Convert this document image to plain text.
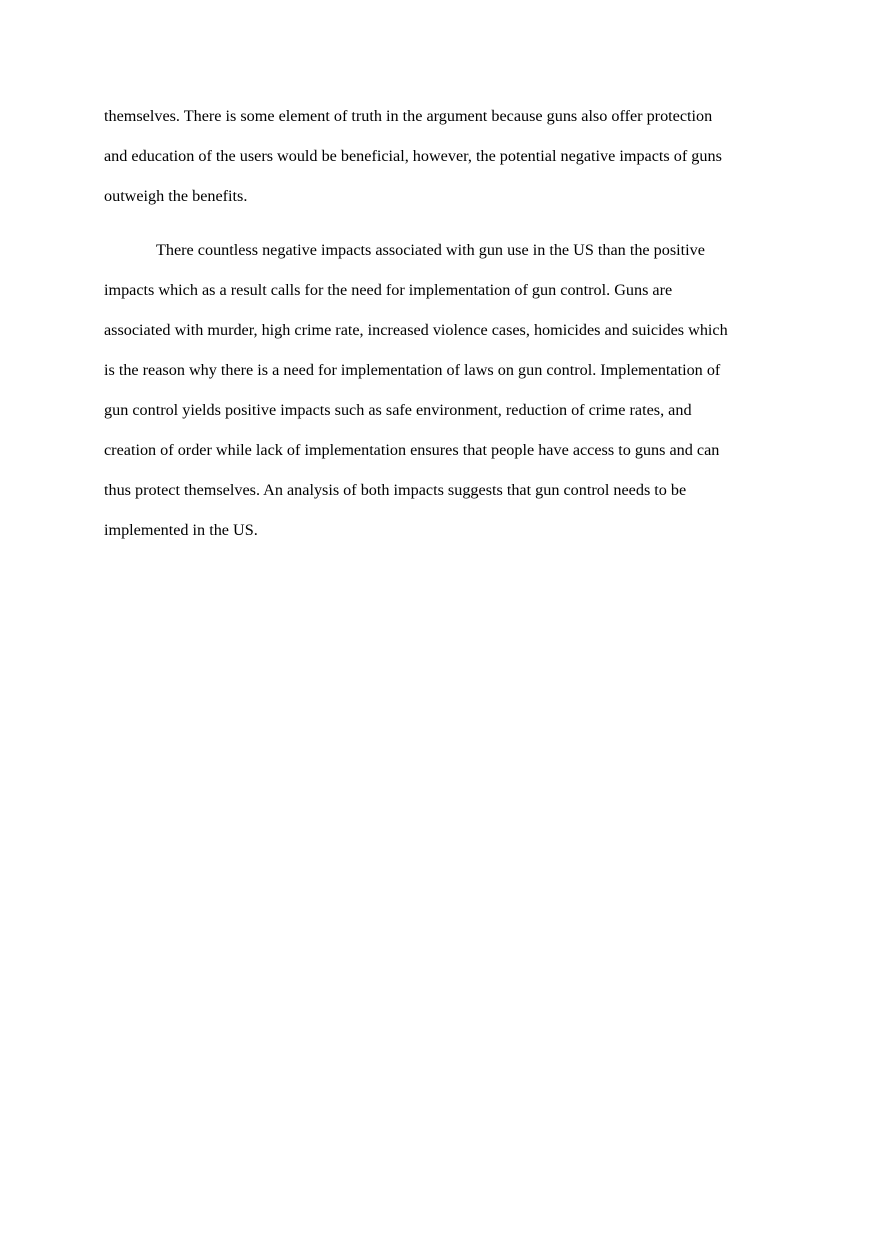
themselves. There is some element of truth in the argument because guns also offer protection
and education of the users would be beneficial, however, the potential negative impacts of guns
outweigh the benefits.
There countless negative impacts associated with gun use in the US than the positive
impacts which as a result calls for the need for implementation of gun control. Guns are
associated with murder, high crime rate, increased violence cases, homicides and suicides which
is the reason why there is a need for implementation of laws on gun control. Implementation of
gun control yields positive impacts such as safe environment, reduction of crime rates, and
creation of order while lack of implementation ensures that people have access to guns and can
thus protect themselves. An analysis of both impacts suggests that gun control needs to be
implemented in the US.
